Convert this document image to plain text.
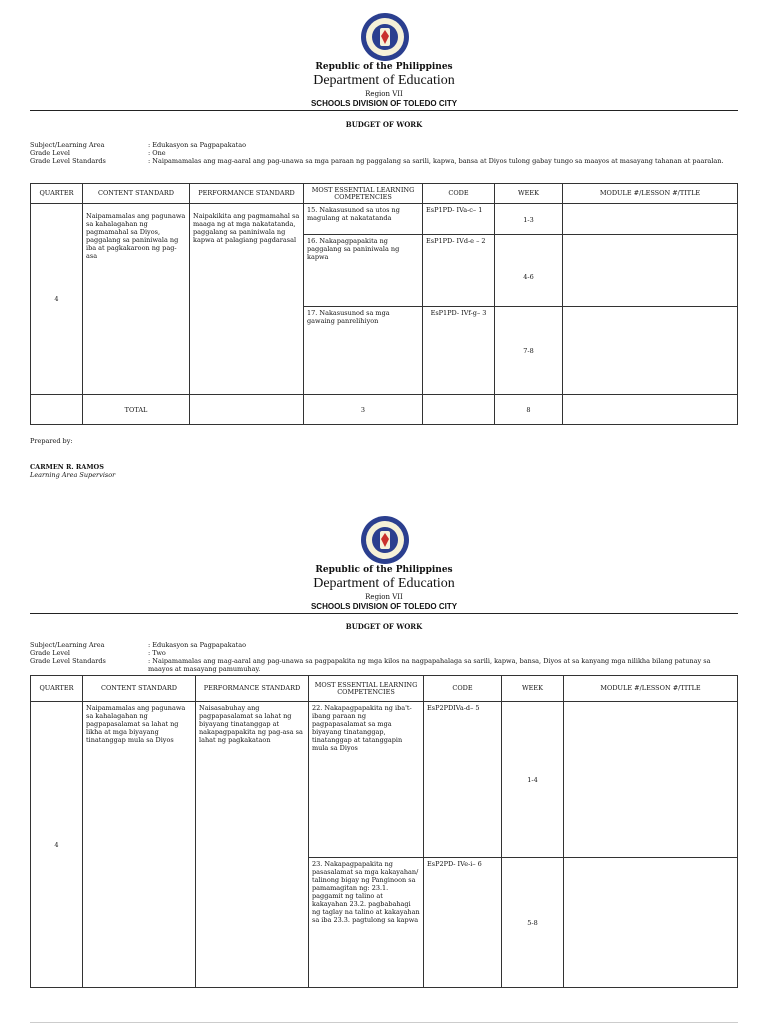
Republic of the Philippines
Department of Education
Region VII
SCHOOLS DIVISION OF TOLEDO CITY
BUDGET OF WORK
Subject/Learning Area	: Edukasyon sa Pagpapakatao
Grade Level	: One
Grade Level Standards	: Naipamamalas ang mag-aaral ang pag-unawa sa mga paraan ng paggalang sa sarili, kapwa, bansa at Diyos tulong gabay tungo sa maayos at masayang tahanan at paaralan.
QUARTER	CONTENT STANDARD	PERFORMANCE STANDARD	MOST ESSENTIAL LEARNING COMPETENCIES	CODE	WEEK	MODULE #/LESSON #/TITLE
4	Naipamamalas ang pagunawa sa kahalagahan ng pagmamahal sa Diyos, paggalang sa paniniwala ng iba at pagkakaroon ng pag-asa	Naipakikita ang pagmamahal sa maaga ng at mga nakatatanda, paggalang sa paniniwala ng kapwa at palagiang pagdarasal	15. Nakasusunod sa utos ng magulang at nakatatanda	EsP1PD- IVa-c– 1	1-3	
			16. Nakapagpapakita ng paggalang sa paniniwala ng kapwa	EsP1PD- IVd-e – 2	4-6	
			17. Nakasusunod sa mga gawaing panrelihiyon	EsP1PD- IVf-g– 3	7-8	
	TOTAL		3		8	
Prepared by:
CARMEN R. RAMOS
Learning Area Supervisor
Republic of the Philippines
Department of Education
Region VII
SCHOOLS DIVISION OF TOLEDO CITY
BUDGET OF WORK
Subject/Learning Area	: Edukasyon sa Pagpapakatao
Grade Level	: Two
Grade Level Standards	: Naipamamalas ang mag-aaral ang pag-unawa sa pagpapakita ng mga kilos na nagpapahalaga sa sarili, kapwa, bansa, Diyos at sa kanyang mga nilikha bilang patunay sa maayos at masayang pamumuhay.
QUARTER	CONTENT STANDARD	PERFORMANCE STANDARD	MOST ESSENTIAL LEARNING COMPETENCIES	CODE	WEEK	MODULE #/LESSON #/TITLE
4	Naipamamalas ang pagunawa sa kahalagahan ng pagpapasalamat sa lahat ng likha at mga biyayang tinatanggap mula sa Diyos	Naisasabuhay ang pagpapasalamat sa lahat ng biyayang tinatanggap at nakapagpapakita ng pag-asa sa lahat ng pagkakataon	22. Nakapagpapakita ng iba't-ibang paraan ng pagpapasalamat sa mga biyayang tinatanggap, tinatanggap at tatanggapin mula sa Diyos	EsP2PDIVa-d– 5	1-4	
			23. Nakapagpapakita ng pasasalamat sa mga kakayahan/ talinong bigay ng Panginoon sa pamamagitan ng: 23.1. paggamit ng talino at kakayahan 23.2. pagbabahagi ng taglay na talino at kakayahan sa iba 23.3. pagtulong sa kapwa	EsP2PD- IVe-i– 6	5-8	
